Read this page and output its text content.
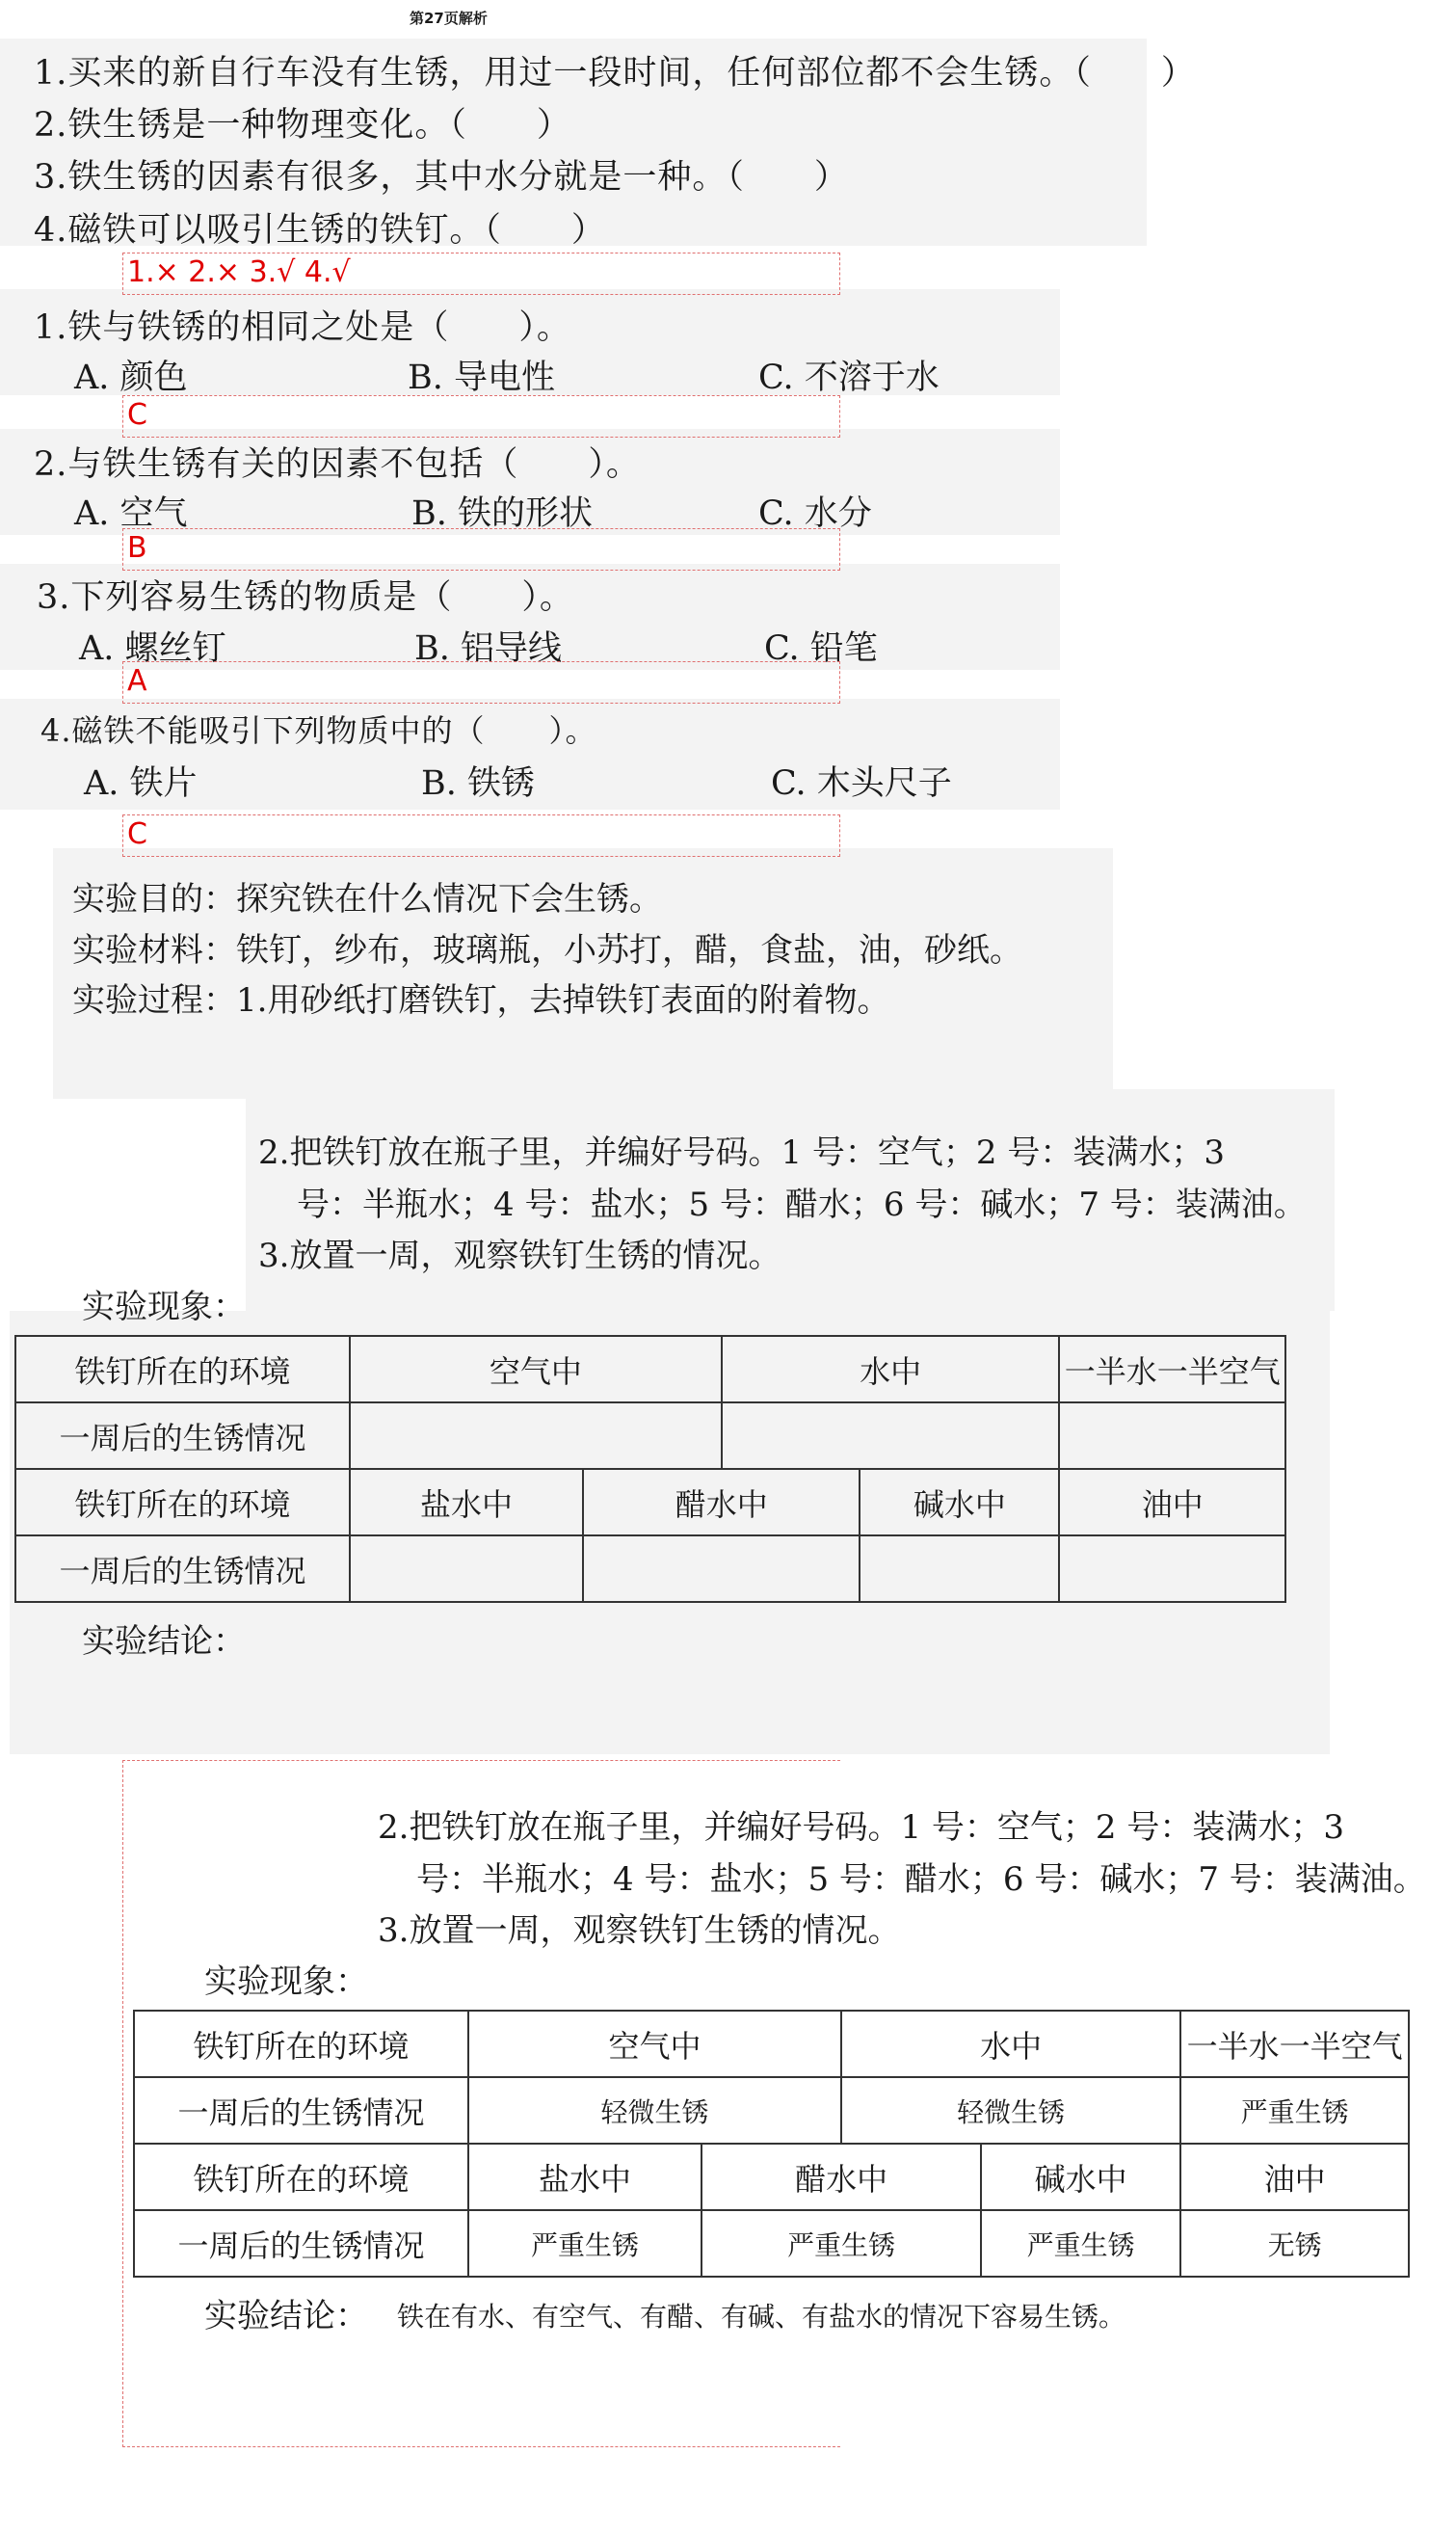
第27页解析
1.买来的新自行车没有生锈，用过一段时间，任何部位都不会生锈。（　　）
2.铁生锈是一种物理变化。（　　）
3.铁生锈的因素有很多，其中水分就是一种。（　　）
4.磁铁可以吸引生锈的铁钉。（　　）
1.× 2.× 3.√ 4.√
1.铁与铁锈的相同之处是（　　）。
A. 颜色	B. 导电性	C. 不溶于水
C
2.与铁生锈有关的因素不包括（　　）。
A. 空气	B. 铁的形状	C. 水分
B
3.下列容易生锈的物质是（　　）。
A. 螺丝钉	B. 铝导线	C. 铅笔
A
4.磁铁不能吸引下列物质中的（　　）。
A. 铁片	B. 铁锈	C. 木头尺子
C
实验目的：探究铁在什么情况下会生锈。
实验材料：铁钉，纱布，玻璃瓶，小苏打，醋，食盐，油，砂纸。
实验过程：1.用砂纸打磨铁钉，去掉铁钉表面的附着物。
2.把铁钉放在瓶子里，并编好号码。1 号：空气；2 号：装满水；3
号：半瓶水；4 号：盐水；5 号：醋水；6 号：碱水；7 号：装满油。
3.放置一周，观察铁钉生锈的情况。
实验现象：
铁钉所在的环境	空气中		水中		一半水一半空气
一周后的生锈情况					
铁钉所在的环境	盐水中	醋水中		碱水中	油中
一周后的生锈情况					
实验结论：
2.把铁钉放在瓶子里，并编好号码。1 号：空气；2 号：装满水；3
号：半瓶水；4 号：盐水；5 号：醋水；6 号：碱水；7 号：装满油。
3.放置一周，观察铁钉生锈的情况。
实验现象：
铁钉所在的环境	空气中		水中		一半水一半空气
一周后的生锈情况	轻微生锈		轻微生锈		严重生锈
铁钉所在的环境	盐水中	醋水中		碱水中	油中
一周后的生锈情况	严重生锈	严重生锈		严重生锈	无锈
实验结论： 铁在有水、有空气、有醋、有碱、有盐水的情况下容易生锈。
